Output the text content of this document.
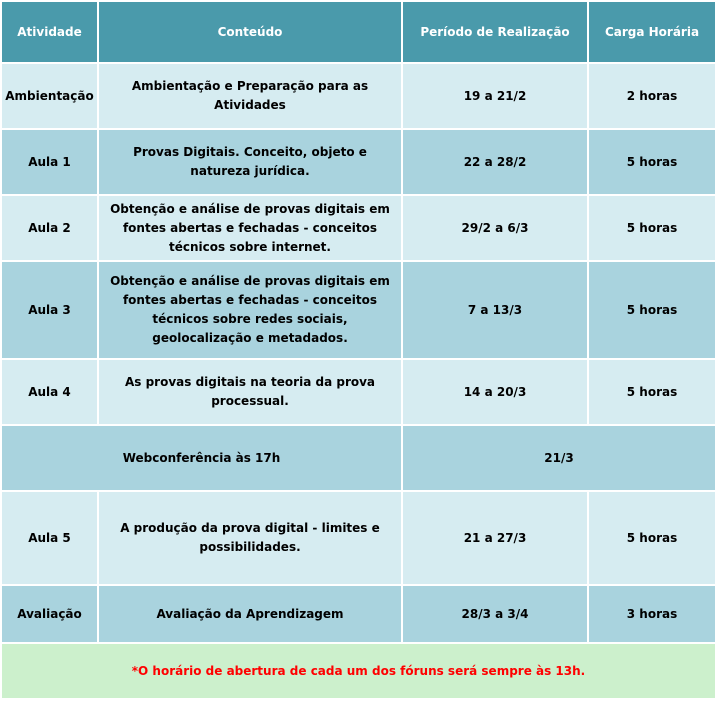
Atividade	Conteúdo	Período de Realização	Carga Horária
Ambientação	Ambientação e Preparação para as Atividades	19 a 21/2	2 horas
Aula 1	Provas Digitais. Conceito, objeto e natureza jurídica.	22 a 28/2	5 horas
Aula 2	Obtenção e análise de provas digitais em fontes abertas e fechadas - conceitos técnicos sobre internet.	29/2 a 6/3	5 horas
Aula 3	Obtenção e análise de provas digitais em fontes abertas e fechadas - conceitos técnicos sobre redes sociais, geolocalização e metadados.	7 a 13/3	5 horas
Aula 4	As provas digitais na teoria da prova processual.	14 a 20/3	5 horas
Webconferência às 17h		21/3	
Aula 5	A produção da prova digital - limites e possibilidades.	21 a 27/3	5 horas
Avaliação	Avaliação da Aprendizagem	28/3 a 3/4	3 horas
*O horário de abertura de cada um dos fóruns será sempre às 13h.			
